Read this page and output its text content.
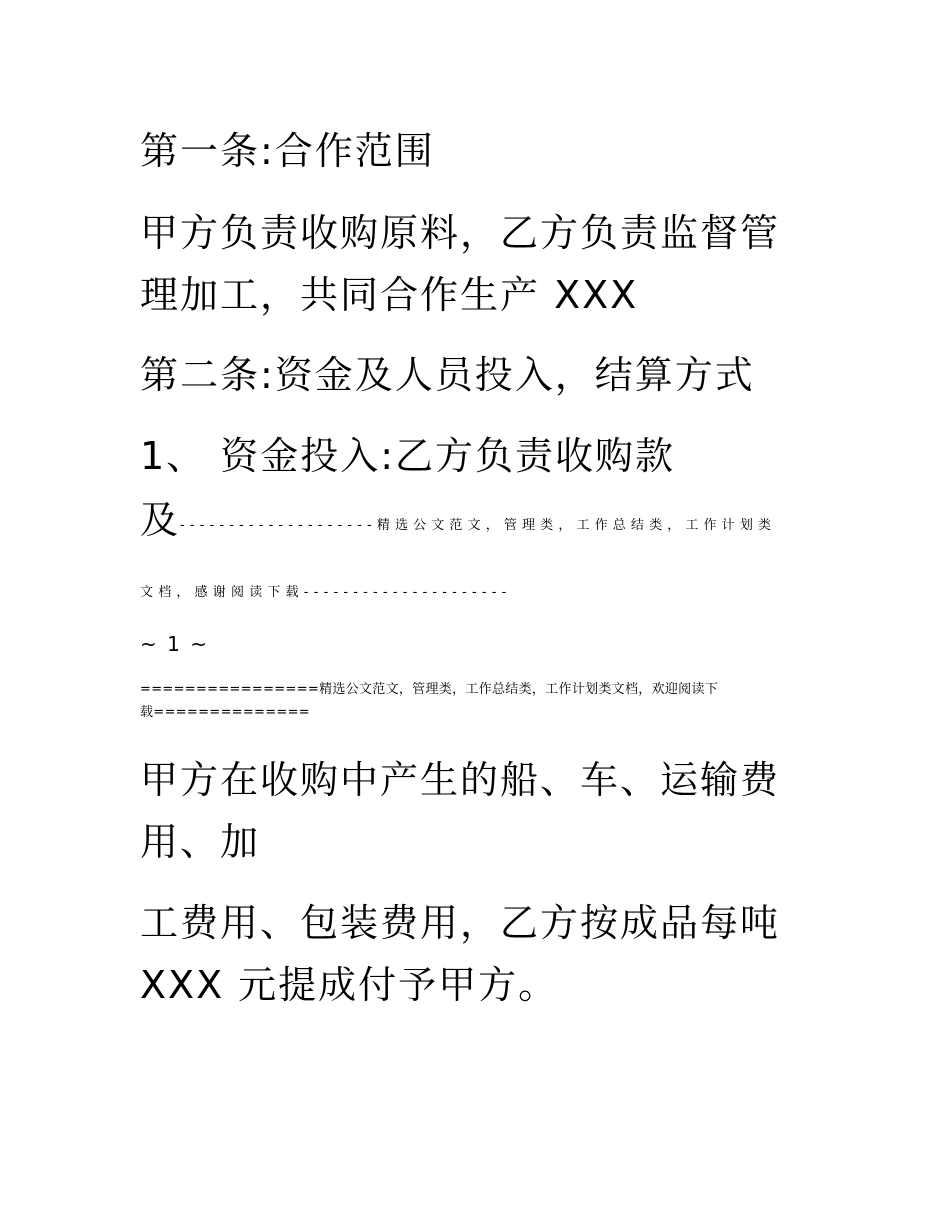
第一条:合作范围

甲方负责收购原料，乙方负责监督管

理加工，共同合作生产 XXX

第二条:资金及人员投入，结算方式

1、 资金投入:乙方负责收购款

及 --------------------精选公文范文，管理类，工作总结类，工作计划类

文档，感谢阅读下载---------------------

~ 1 ~

================精选公文范文，管理类，工作总结类，工作计划类文档，欢迎阅读下

载==============

甲方在收购中产生的船、车、运输费

用、加

工费用、包装费用，乙方按成品每吨

XXX 元提成付予甲方。
